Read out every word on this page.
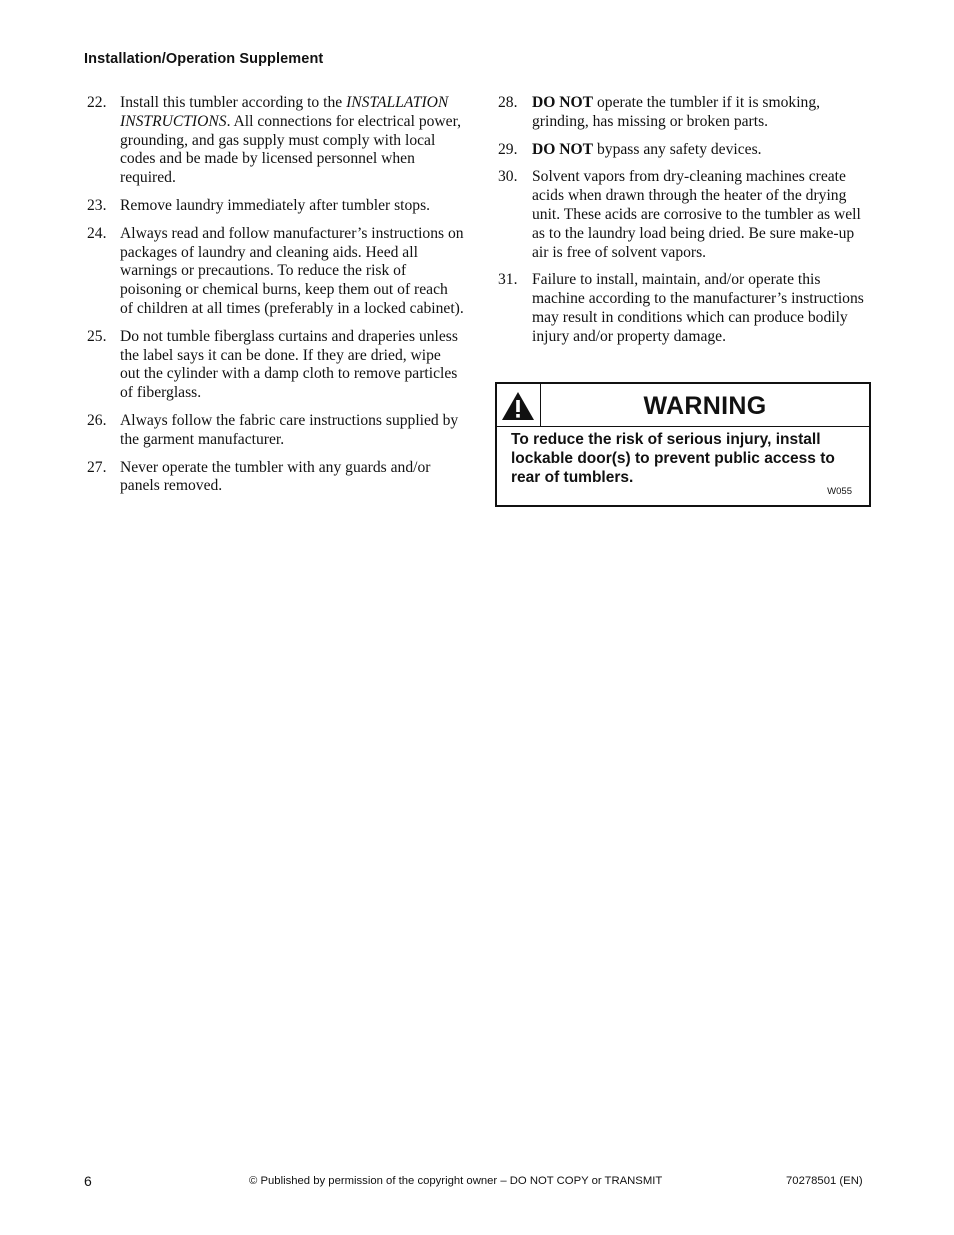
Installation/Operation Supplement
22. Install this tumbler according to the INSTALLATION INSTRUCTIONS. All connections for electrical power, grounding, and gas supply must comply with local codes and be made by licensed personnel when required.
23. Remove laundry immediately after tumbler stops.
24. Always read and follow manufacturer’s instructions on packages of laundry and cleaning aids. Heed all warnings or precautions. To reduce the risk of poisoning or chemical burns, keep them out of reach of children at all times (preferably in a locked cabinet).
25. Do not tumble fiberglass curtains and draperies unless the label says it can be done. If they are dried, wipe out the cylinder with a damp cloth to remove particles of fiberglass.
26. Always follow the fabric care instructions supplied by the garment manufacturer.
27. Never operate the tumbler with any guards and/or panels removed.
28. DO NOT operate the tumbler if it is smoking, grinding, has missing or broken parts.
29. DO NOT bypass any safety devices.
30. Solvent vapors from dry-cleaning machines create acids when drawn through the heater of the drying unit. These acids are corrosive to the tumbler as well as to the laundry load being dried. Be sure make-up air is free of solvent vapors.
31. Failure to install, maintain, and/or operate this machine according to the manufacturer’s instructions may result in conditions which can produce bodily injury and/or property damage.
WARNING
To reduce the risk of serious injury, install lockable door(s) to prevent public access to rear of tumblers.
W055
6	© Published by permission of the copyright owner – DO NOT COPY or TRANSMIT	70278501 (EN)
